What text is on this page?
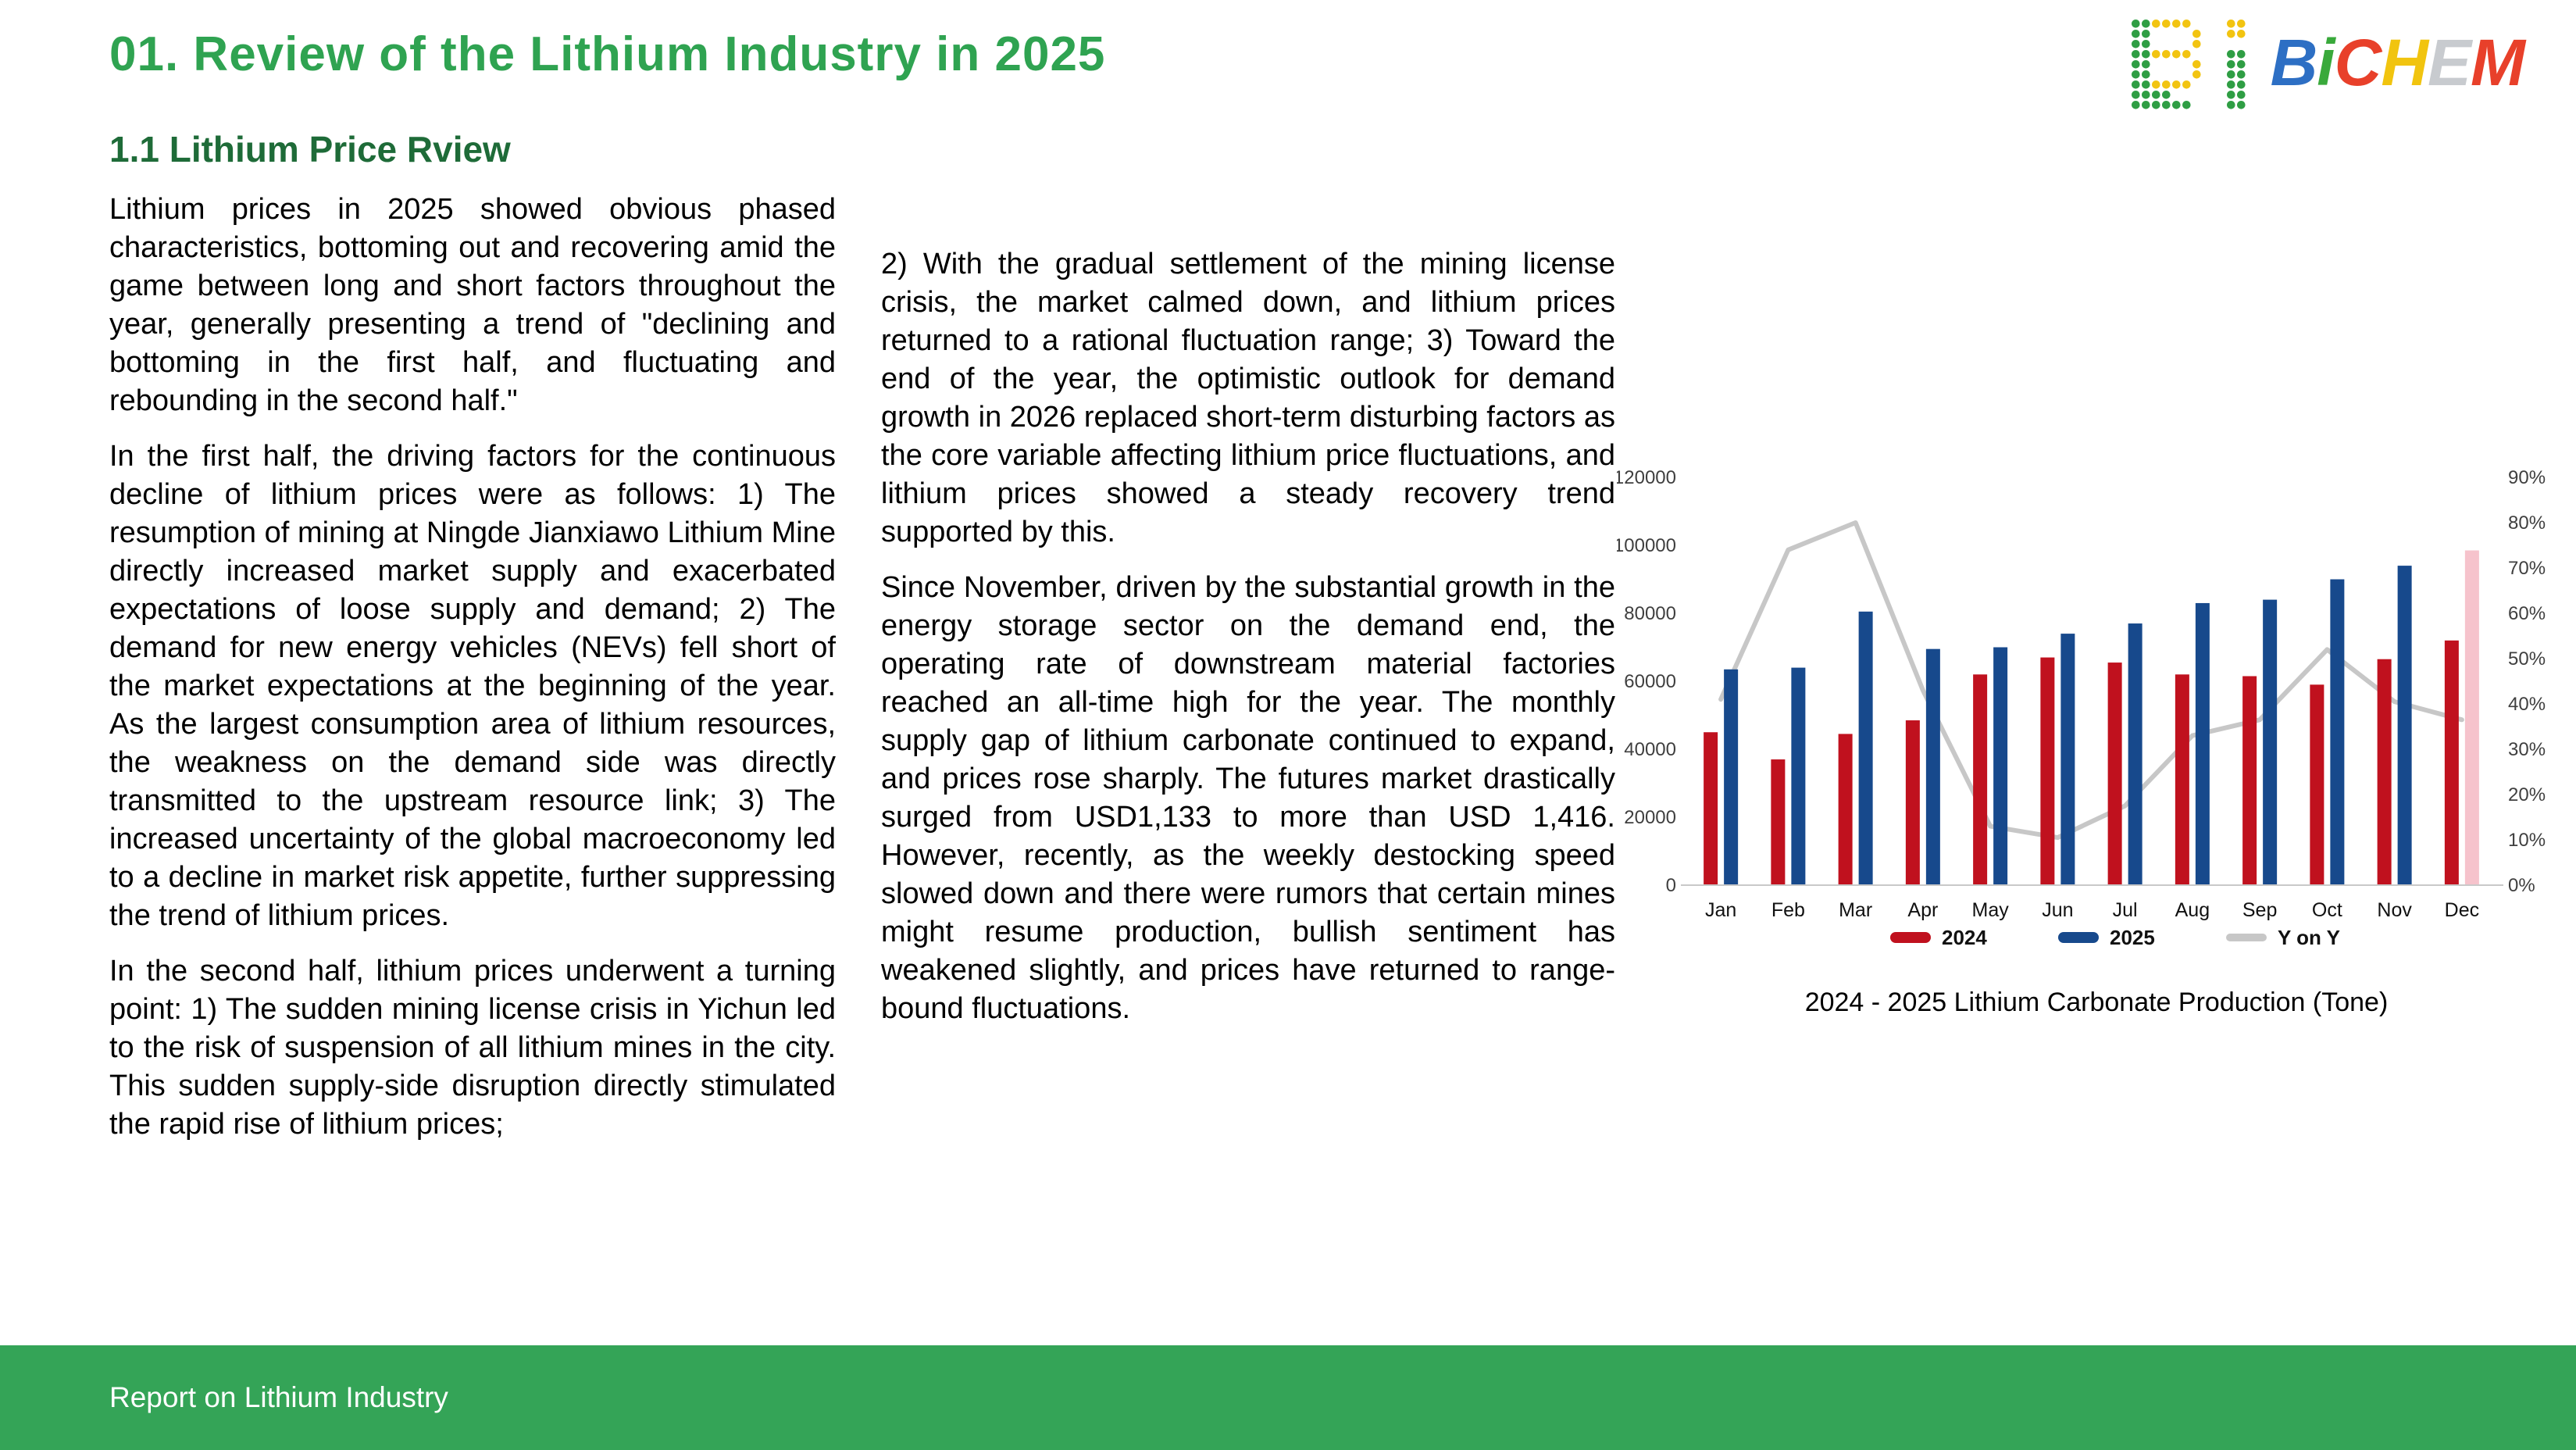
01. Review of the Lithium Industry in 2025	B i C H E M
1.1 Lithium Price Rview

Lithium prices in 2025 showed obvious phased characteristics, bottoming out and recovering amid the game between long and short factors throughout the year, generally presenting a trend of "declining and bottoming in the first half, and fluctuating and rebounding in the second half."

In the first half, the driving factors for the continuous decline of lithium prices were as follows: 1) The resumption of mining at Ningde Jianxiawo Lithium Mine directly increased market supply and exacerbated expectations of loose supply and demand; 2) The demand for new energy vehicles (NEVs) fell short of the market expectations at the beginning of the year. As the largest consumption area of lithium resources, the weakness on the demand side was directly transmitted to the upstream resource link; 3) The increased uncertainty of the global macroeconomy led to a decline in market risk appetite, further suppressing the trend of lithium prices.

In the second half, lithium prices underwent a turning point: 1) The sudden mining license crisis in Yichun led to the risk of suspension of all lithium mines in the city. This sudden supply-side disruption directly stimulated the rapid rise of lithium prices;

2) With the gradual settlement of the mining license crisis, the market calmed down, and lithium prices returned to a rational fluctuation range; 3) Toward the end of the year, the optimistic outlook for demand growth in 2026 replaced short-term disturbing factors as the core variable affecting lithium price fluctuations, and lithium prices showed a steady recovery trend supported by this.

Since November, driven by the substantial growth in the energy storage sector on the demand end, the operating rate of downstream material factories reached an all-time high for the year. The monthly supply gap of lithium carbonate continued to expand, and prices rose sharply. The futures market drastically surged from USD1,133 to more than USD 1,416. However, recently, as the weekly destocking speed slowed down and there were rumors that certain mines might resume production, bullish sentiment has weakened slightly, and prices have returned to range-bound fluctuations.

0
20000
40000
60000
80000
100000
120000
0%
10%
20%
30%
40%
50%
60%
70%
80%
90%
Jan Feb Mar Apr May Jun Jul Aug Sep Oct Nov Dec
2024	2025	Y on Y
2024 - 2025 Lithium Carbonate Production (Tone)
Report on Lithium Industry
